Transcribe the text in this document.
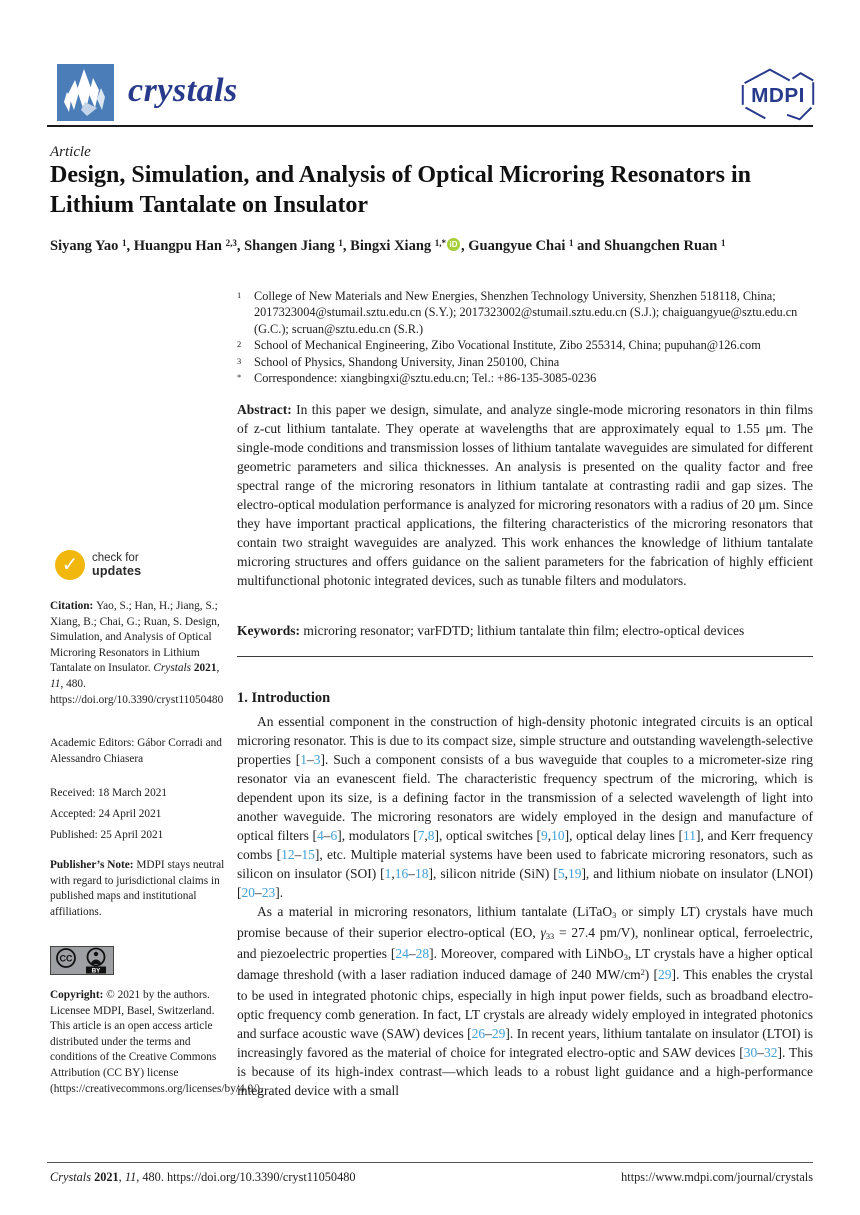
crystals	MDPI
Article
Design, Simulation, and Analysis of Optical Microring Resonators in Lithium Tantalate on Insulator
Siyang Yao $^1$, Huangpu Han $^{2,3}$, Shangen Jiang $^1$, Bingxi Xiang $^{1,*}$ iD , Guangyue Chai $^1$ and Shuangchen Ruan $^1$
1 College of New Materials and New Energies, Shenzhen Technology University, Shenzhen 518118, China; 2017323004@stumail.sztu.edu.cn (S.Y.); 2017323002@stumail.sztu.edu.cn (S.J.); chaiguangyue@sztu.edu.cn (G.C.); scruan@sztu.edu.cn (S.R.)
2 School of Mechanical Engineering, Zibo Vocational Institute, Zibo 255314, China; pupuhan@126.com
3 School of Physics, Shandong University, Jinan 250100, China
* Correspondence: xiangbingxi@sztu.edu.cn; Tel.: +86-135-3085-0236
Abstract: In this paper we design, simulate, and analyze single-mode microring resonators in thin films of z-cut lithium tantalate. They operate at wavelengths that are approximately equal to 1.55 μm. The single-mode conditions and transmission losses of lithium tantalate waveguides are simulated for different geometric parameters and silica thicknesses. An analysis is presented on the quality factor and free spectral range of the microring resonators in lithium tantalate at contrasting radii and gap sizes. The electro-optical modulation performance is analyzed for microring resonators with a radius of 20 μm. Since they have important practical applications, the filtering characteristics of the microring resonators that contain two straight waveguides are analyzed. This work enhances the knowledge of lithium tantalate microring structures and offers guidance on the salient parameters for the fabrication of highly efficient multifunctional photonic integrated devices, such as tunable filters and modulators.
Keywords: microring resonator; varFDTD; lithium tantalate thin film; electro-optical devices
1. Introduction

An essential component in the construction of high-density photonic integrated circuits is an optical microring resonator. This is due to its compact size, simple structure and outstanding wavelength-selective properties [1–3]. Such a component consists of a bus waveguide that couples to a micrometer-size ring resonator via an evanescent field. The characteristic frequency spectrum of the microring, which is dependent upon its size, is a defining factor in the transmission of a selected wavelength of light into another waveguide. The microring resonators are widely employed in the design and manufacture of optical filters [4–6], modulators [7,8], optical switches [9,10], optical delay lines [11], and Kerr frequency combs [12–15], etc. Multiple material systems have been used to fabricate microring resonators, such as silicon on insulator (SOI) [1,16–18], silicon nitride (SiN) [5,19], and lithium niobate on insulator (LNOI) [20–23].

As a material in microring resonators, lithium tantalate (LiTaO3 or simply LT) crystals have much promise because of their superior electro-optical (EO, γ33 = 27.4 pm/V), nonlinear optical, ferroelectric, and piezoelectric properties [24–28]. Moreover, compared with LiNbO3, LT crystals have a higher optical damage threshold (with a laser radiation induced damage of 240 $MW/cm^2$) [29]. This enables the crystal to be used in integrated photonic chips, especially in high input power fields, such as broadband electro-optic frequency comb generation. In fact, LT crystals are already widely employed in integrated photonics and surface acoustic wave (SAW) devices [26–29]. In recent years, lithium tantalate on insulator (LTOI) is increasingly favored as the material of choice for integrated electro-optic and SAW devices [30–32]. This is because of its high-index contrast—which leads to a robust light guidance and a high-performance integrated device with a small

✓	check for
updates
Citation: Yao, S.; Han, H.; Jiang, S.; Xiang, B.; Chai, G.; Ruan, S. Design, Simulation, and Analysis of Optical Microring Resonators in Lithium Tantalate on Insulator. Crystals 2021, 11, 480. https://doi.org/10.3390/cryst11050480
Academic Editors: Gábor Corradi and Alessandro Chiasera
Received: 18 March 2021
Accepted: 24 April 2021
Published: 25 April 2021
Publisher’s Note: MDPI stays neutral with regard to jurisdictional claims in published maps and institutional affiliations.
CC
BY
Copyright: © 2021 by the authors. Licensee MDPI, Basel, Switzerland. This article is an open access article distributed under the terms and conditions of the Creative Commons Attribution (CC BY) license (https://creativecommons.org/licenses/by/4.0/).
Crystals 2021, 11, 480. https://doi.org/10.3390/cryst11050480	https://www.mdpi.com/journal/crystals
